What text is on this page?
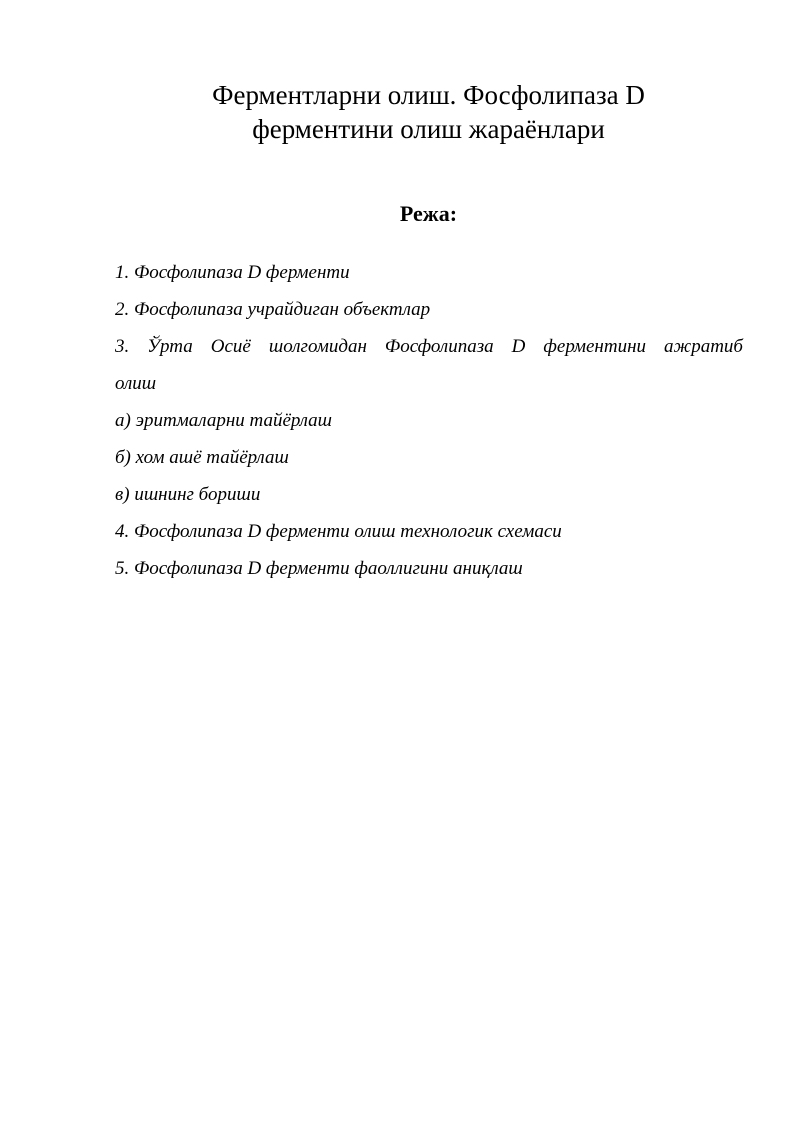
Ферментларни олиш. Фосфолипаза D
ферментини олиш жараёнлари
Режа:
1. Фосфолипаза D ферменти
2. Фосфолипаза учрайдиган объектлар
3. Ўрта Осиё шолгомидан Фосфолипаза D ферментини ажратиб
олиш
а) эритмаларни тайёрлаш
б) хом ашё тайёрлаш
в) ишнинг бориши
4. Фосфолипаза D ферменти олиш технологик схемаси
5. Фосфолипаза D ферменти фаоллигини аниқлаш
